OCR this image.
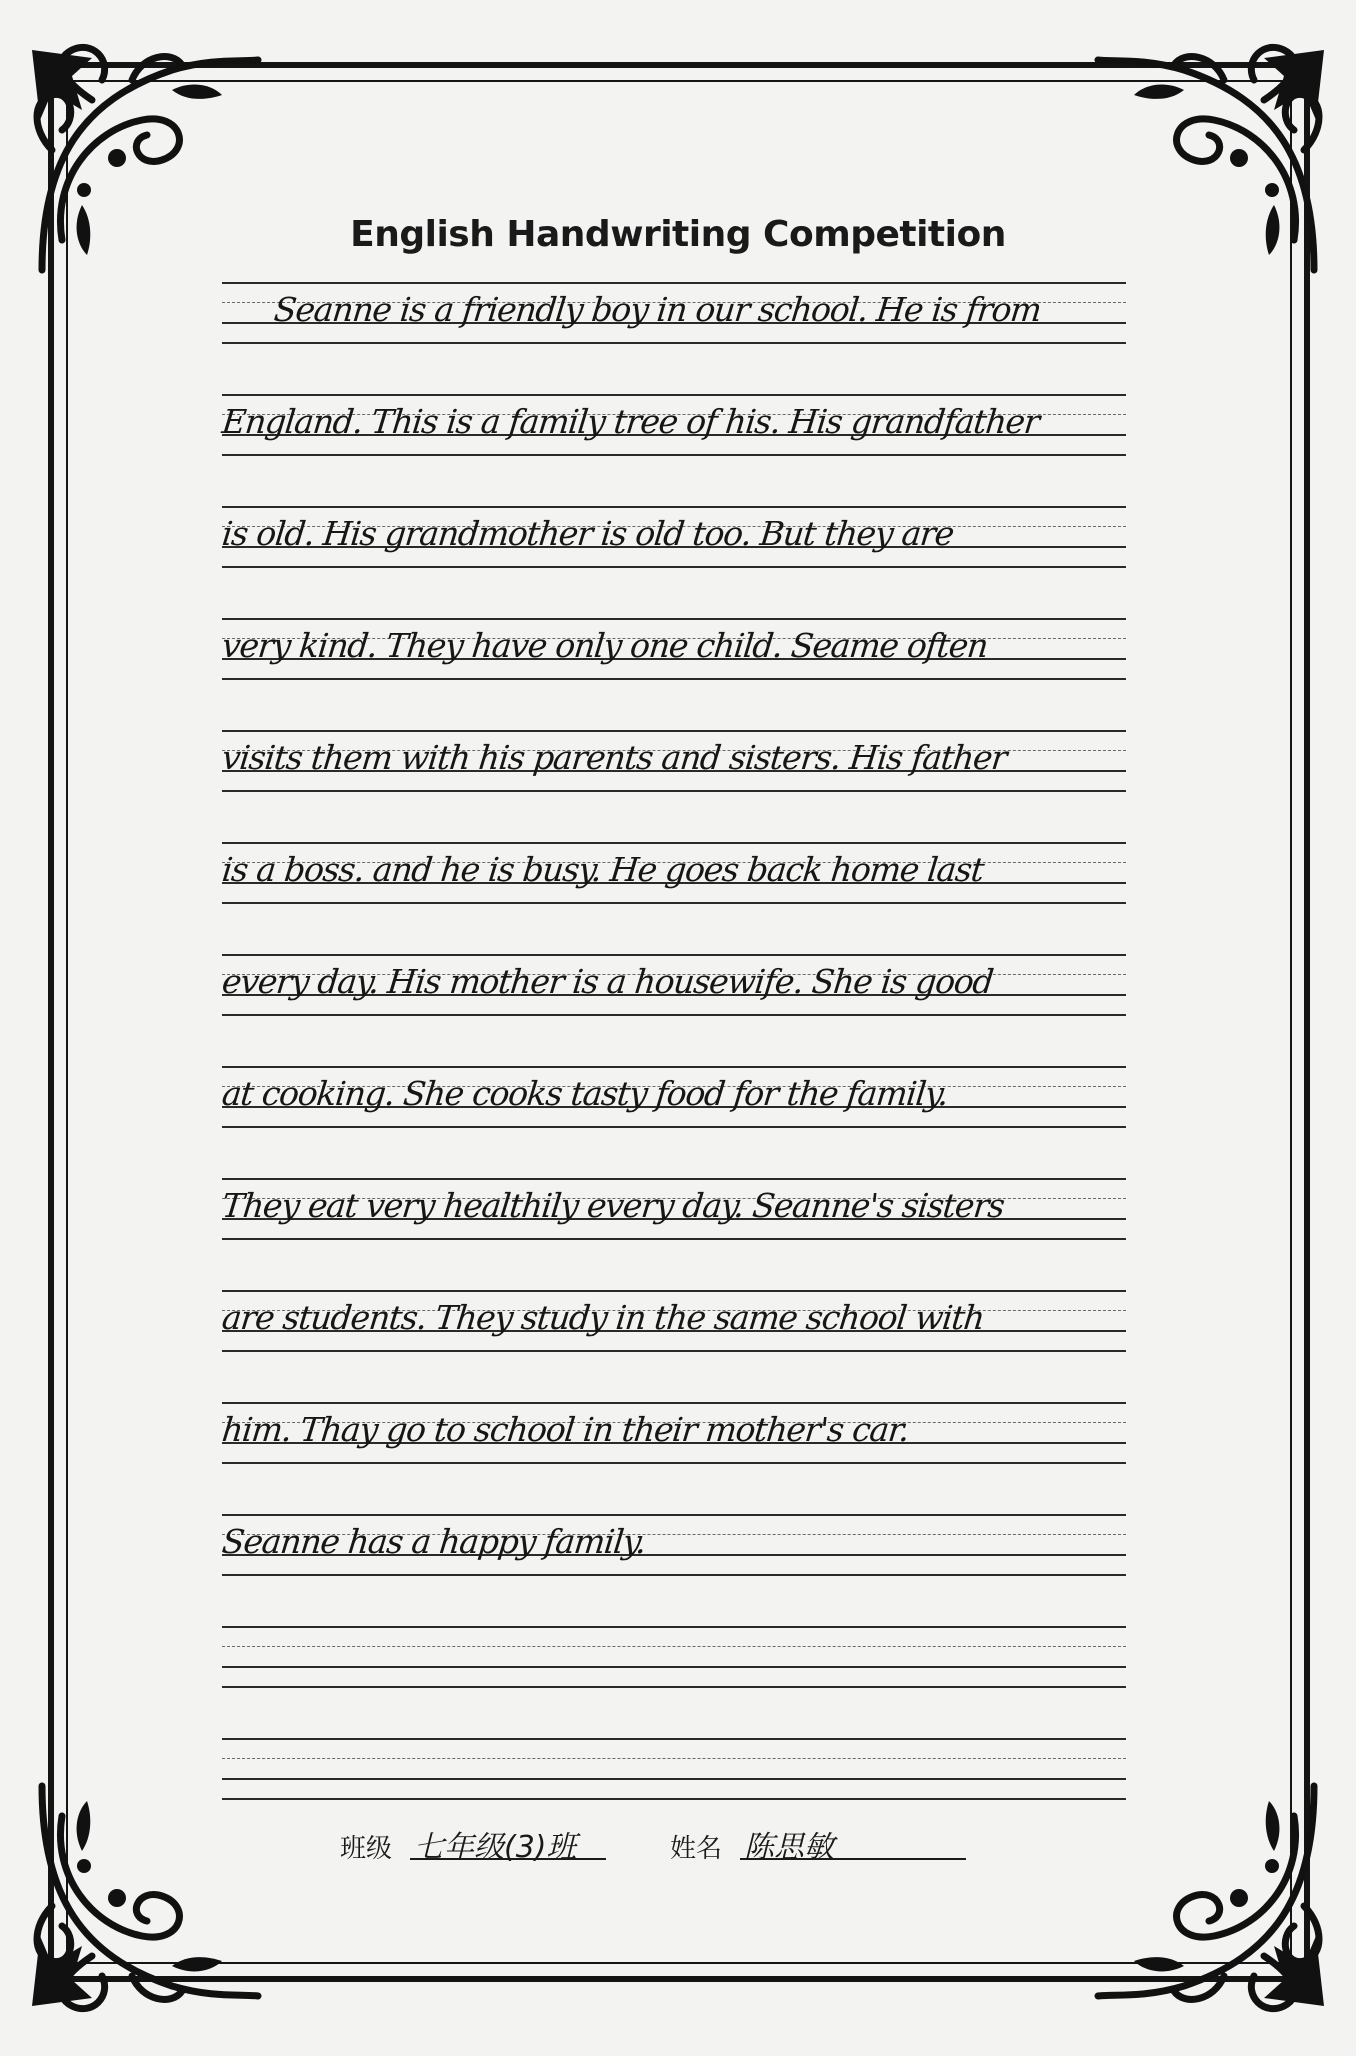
English Handwriting Competition
Seanne is a friendly boy in our school. He is from
England. This is a family tree of his. His grandfather
is old. His grandmother is old too. But they are
very kind. They have only one child. Seame often
visits them with his parents and sisters. His father
is a boss. and he is busy. He goes back home last
every day. His mother is a housewife. She is good
at cooking. She cooks tasty food for the family.
They eat very healthily every day. Seanne's sisters
are students. They study in the same school with
him. Thay go to school in their mother's car.
Seanne has a happy family.
班级 七年级(3)班	姓名 陈思敏
